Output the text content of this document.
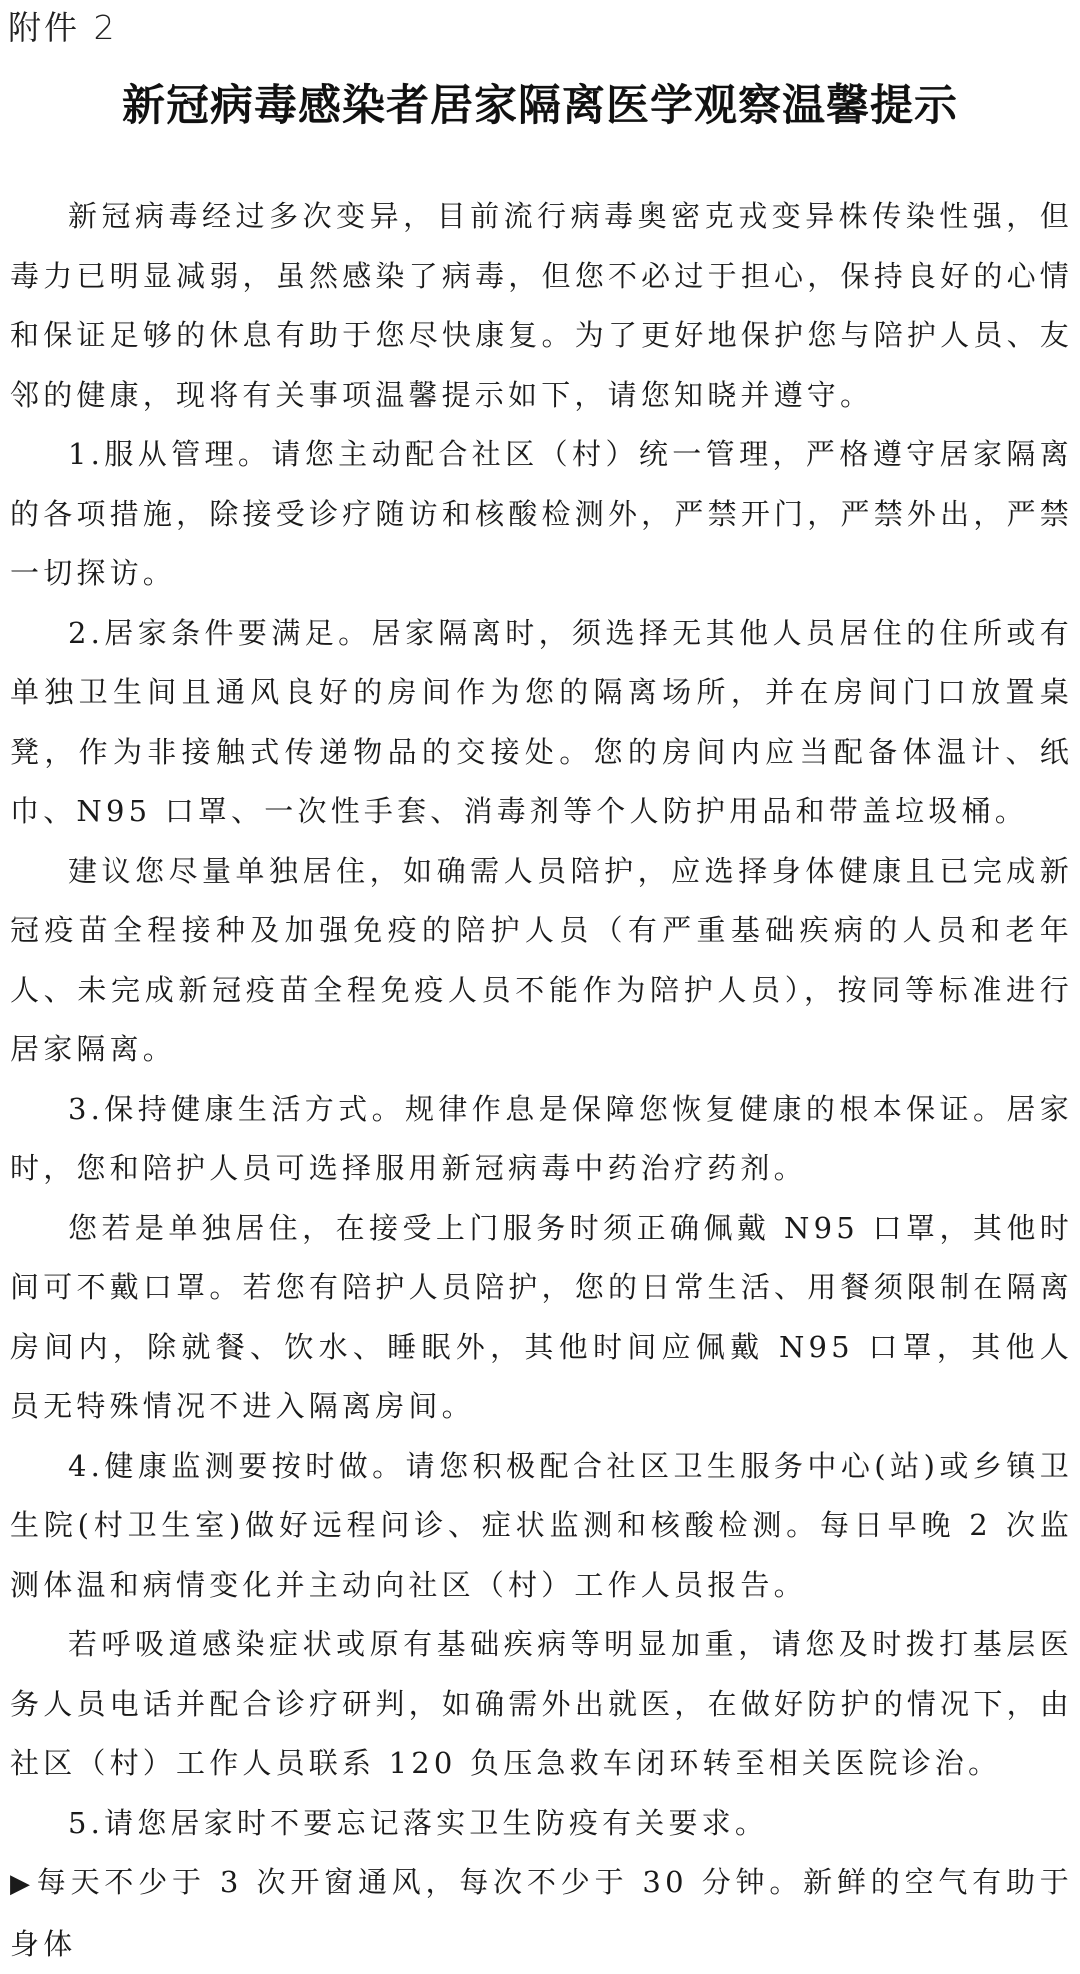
附件 2
新冠病毒感染者居家隔离医学观察温馨提示

新冠病毒经过多次变异，目前流行病毒奥密克戎变异株传染性强，但毒力已明显减弱，虽然感染了病毒，但您不必过于担心，保持良好的心情和保证足够的休息有助于您尽快康复。为了更好地保护您与陪护人员、友邻的健康，现将有关事项温馨提示如下，请您知晓并遵守。

1.服从管理。请您主动配合社区（村）统一管理，严格遵守居家隔离的各项措施，除接受诊疗随访和核酸检测外，严禁开门，严禁外出，严禁一切探访。

2.居家条件要满足。居家隔离时，须选择无其他人员居住的住所或有单独卫生间且通风良好的房间作为您的隔离场所，并在房间门口放置桌凳，作为非接触式传递物品的交接处。您的房间内应当配备体温计、纸巾、N95 口罩、一次性手套、消毒剂等个人防护用品和带盖垃圾桶。

建议您尽量单独居住，如确需人员陪护，应选择身体健康且已完成新冠疫苗全程接种及加强免疫的陪护人员（有严重基础疾病的人员和老年人、未完成新冠疫苗全程免疫人员不能作为陪护人员），按同等标准进行居家隔离。

3.保持健康生活方式。规律作息是保障您恢复健康的根本保证。居家时，您和陪护人员可选择服用新冠病毒中药治疗药剂。

您若是单独居住，在接受上门服务时须正确佩戴 N95 口罩，其他时间可不戴口罩。若您有陪护人员陪护，您的日常生活、用餐须限制在隔离房间内，除就餐、饮水、睡眠外，其他时间应佩戴 N95 口罩，其他人员无特殊情况不进入隔离房间。

4.健康监测要按时做。请您积极配合社区卫生服务中心(站)或乡镇卫生院(村卫生室)做好远程问诊、症状监测和核酸检测。每日早晚 2 次监测体温和病情变化并主动向社区（村）工作人员报告。

若呼吸道感染症状或原有基础疾病等明显加重，请您及时拨打基层医务人员电话并配合诊疗研判，如确需外出就医，在做好防护的情况下，由社区（村）工作人员联系 120 负压急救车闭环转至相关医院诊治。

5.请您居家时不要忘记落实卫生防疫有关要求。

▶每天不少于 3 次开窗通风，每次不少于 30 分钟。新鲜的空气有助于身体
